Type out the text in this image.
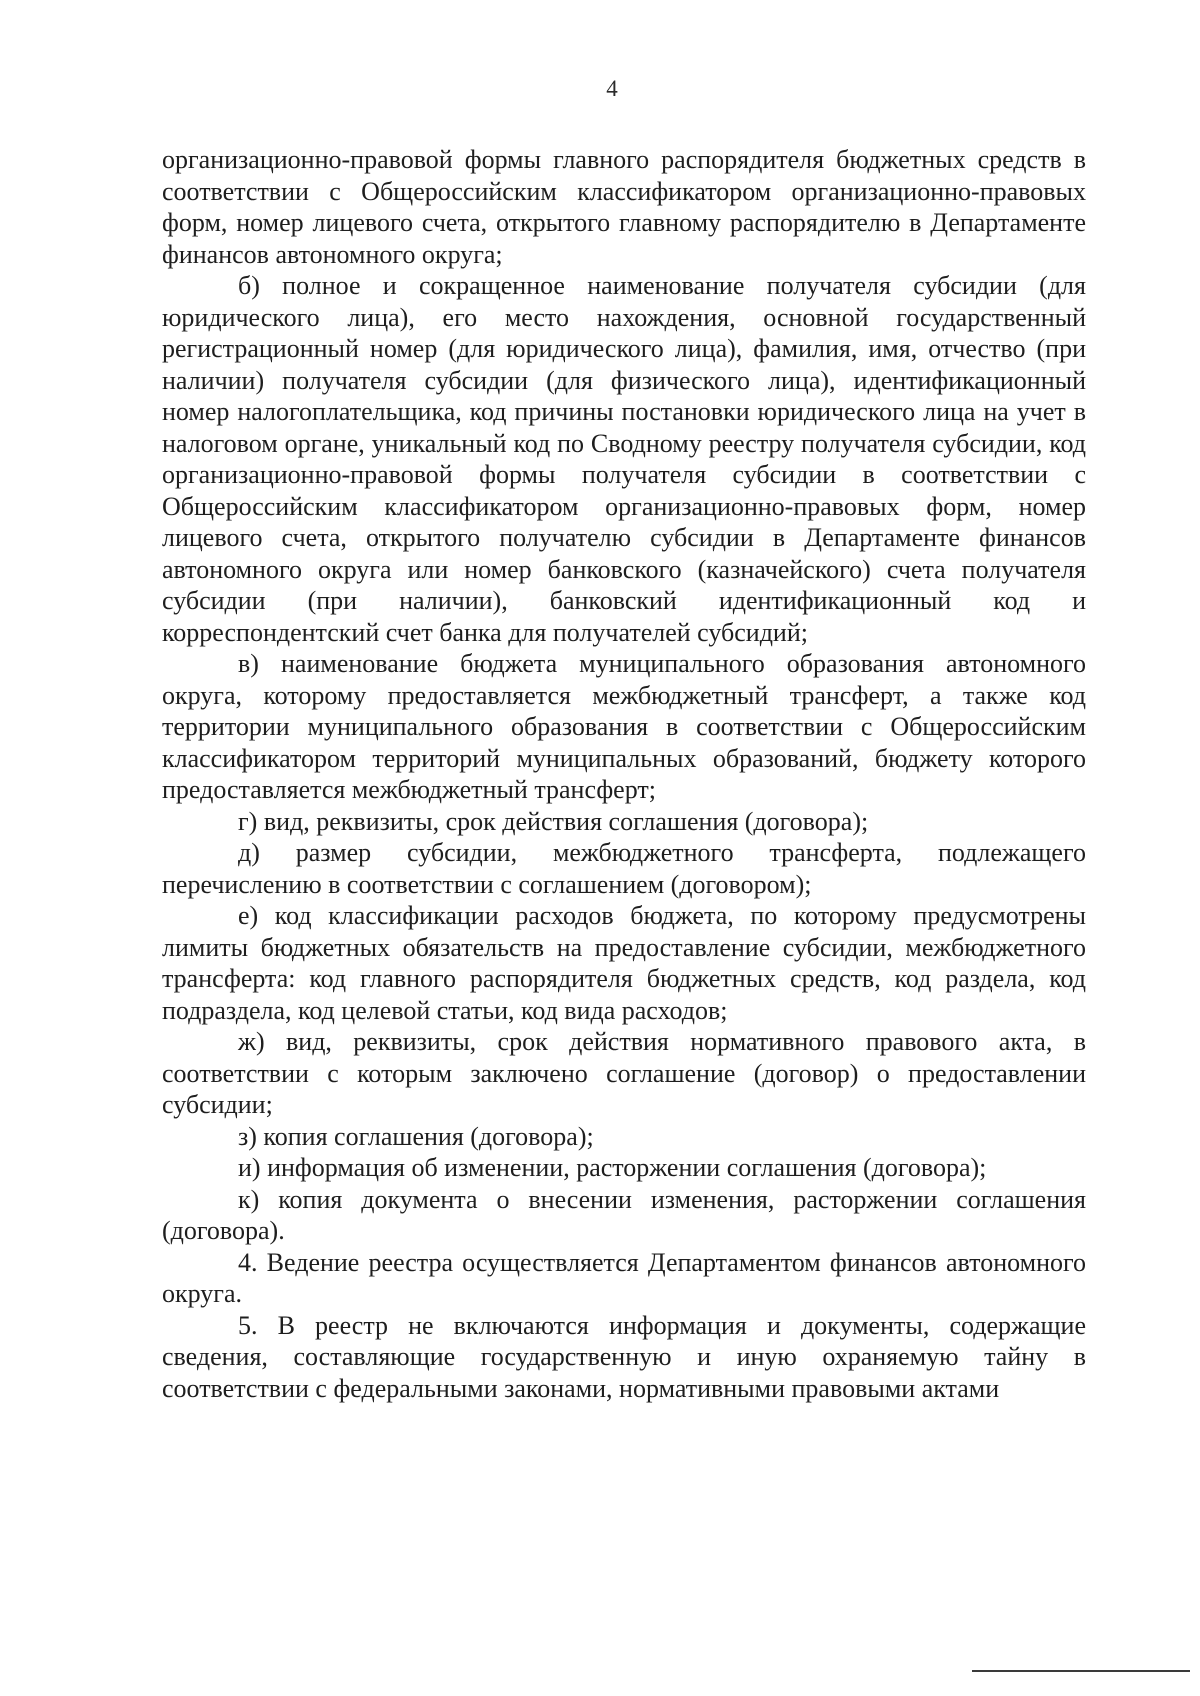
4

организационно-правовой формы главного распорядителя бюджетных средств в соответствии с Общероссийским классификатором организационно-правовых форм, номер лицевого счета, открытого главному распорядителю в Департаменте финансов автономного округа;

б) полное и сокращенное наименование получателя субсидии (для юридического лица), его место нахождения, основной государственный регистрационный номер (для юридического лица), фамилия, имя, отчество (при наличии) получателя субсидии (для физического лица), идентификационный номер налогоплательщика, код причины постановки юридического лица на учет в налоговом органе, уникальный код по Сводному реестру получателя субсидии, код организационно-правовой формы получателя субсидии в соответствии с Общероссийским классификатором организационно-правовых форм, номер лицевого счета, открытого получателю субсидии в Департаменте финансов автономного округа или номер банковского (казначейского) счета получателя субсидии (при наличии), банковский идентификационный код и корреспондентский счет банка для получателей субсидий;

в) наименование бюджета муниципального образования автономного округа, которому предоставляется межбюджетный трансферт, а также код территории муниципального образования в соответствии с Общероссийским классификатором территорий муниципальных образований, бюджету которого предоставляется межбюджетный трансферт;

г) вид, реквизиты, срок действия соглашения (договора);

д) размер субсидии, межбюджетного трансферта, подлежащего перечислению в соответствии с соглашением (договором);

е) код классификации расходов бюджета, по которому предусмотрены лимиты бюджетных обязательств на предоставление субсидии, межбюджетного трансферта: код главного распорядителя бюджетных средств, код раздела, код подраздела, код целевой статьи, код вида расходов;

ж) вид, реквизиты, срок действия нормативного правового акта, в соответствии с которым заключено соглашение (договор) о предоставлении субсидии;

з) копия соглашения (договора);

и) информация об изменении, расторжении соглашения (договора);

к) копия документа о внесении изменения, расторжении соглашения (договора).

4. Ведение реестра осуществляется Департаментом финансов автономного округа.

5. В реестр не включаются информация и документы, содержащие сведения, составляющие государственную и иную охраняемую тайну в соответствии с федеральными законами, нормативными правовыми актами
